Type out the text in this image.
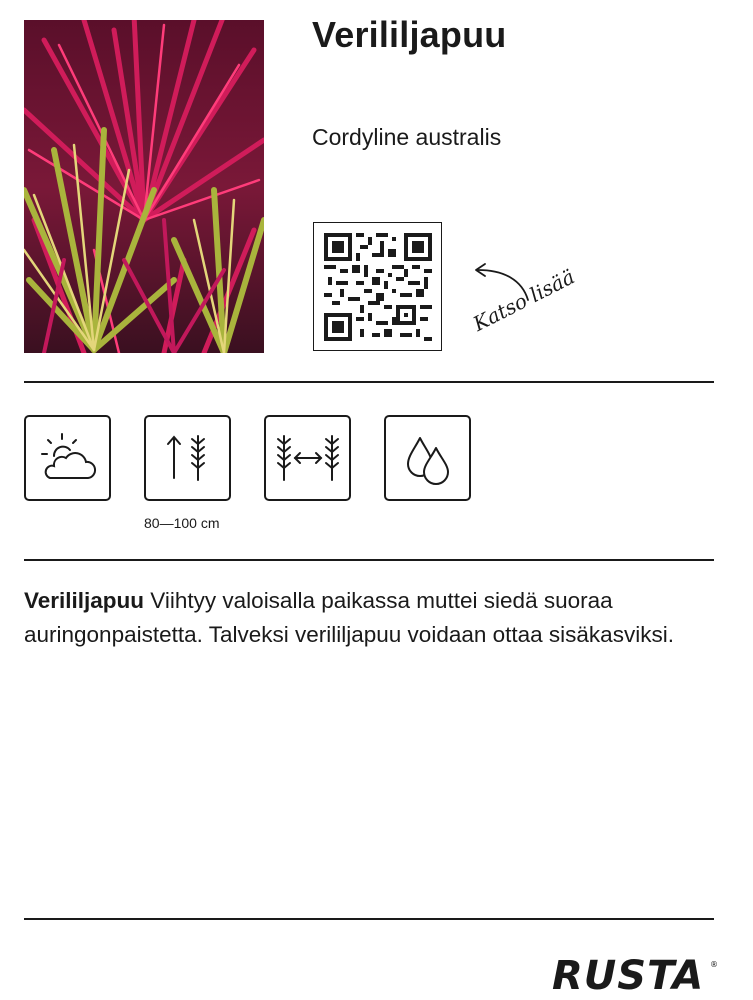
Verililjapuu

Cordyline australis

Katso lisää
80—100 cm

Verililjapuu Viihtyy valoisalla paikassa muttei siedä suoraa auringonpaistetta. Talveksi verililjapuu voidaan ottaa sisäkasviksi.

RUSTA ®
